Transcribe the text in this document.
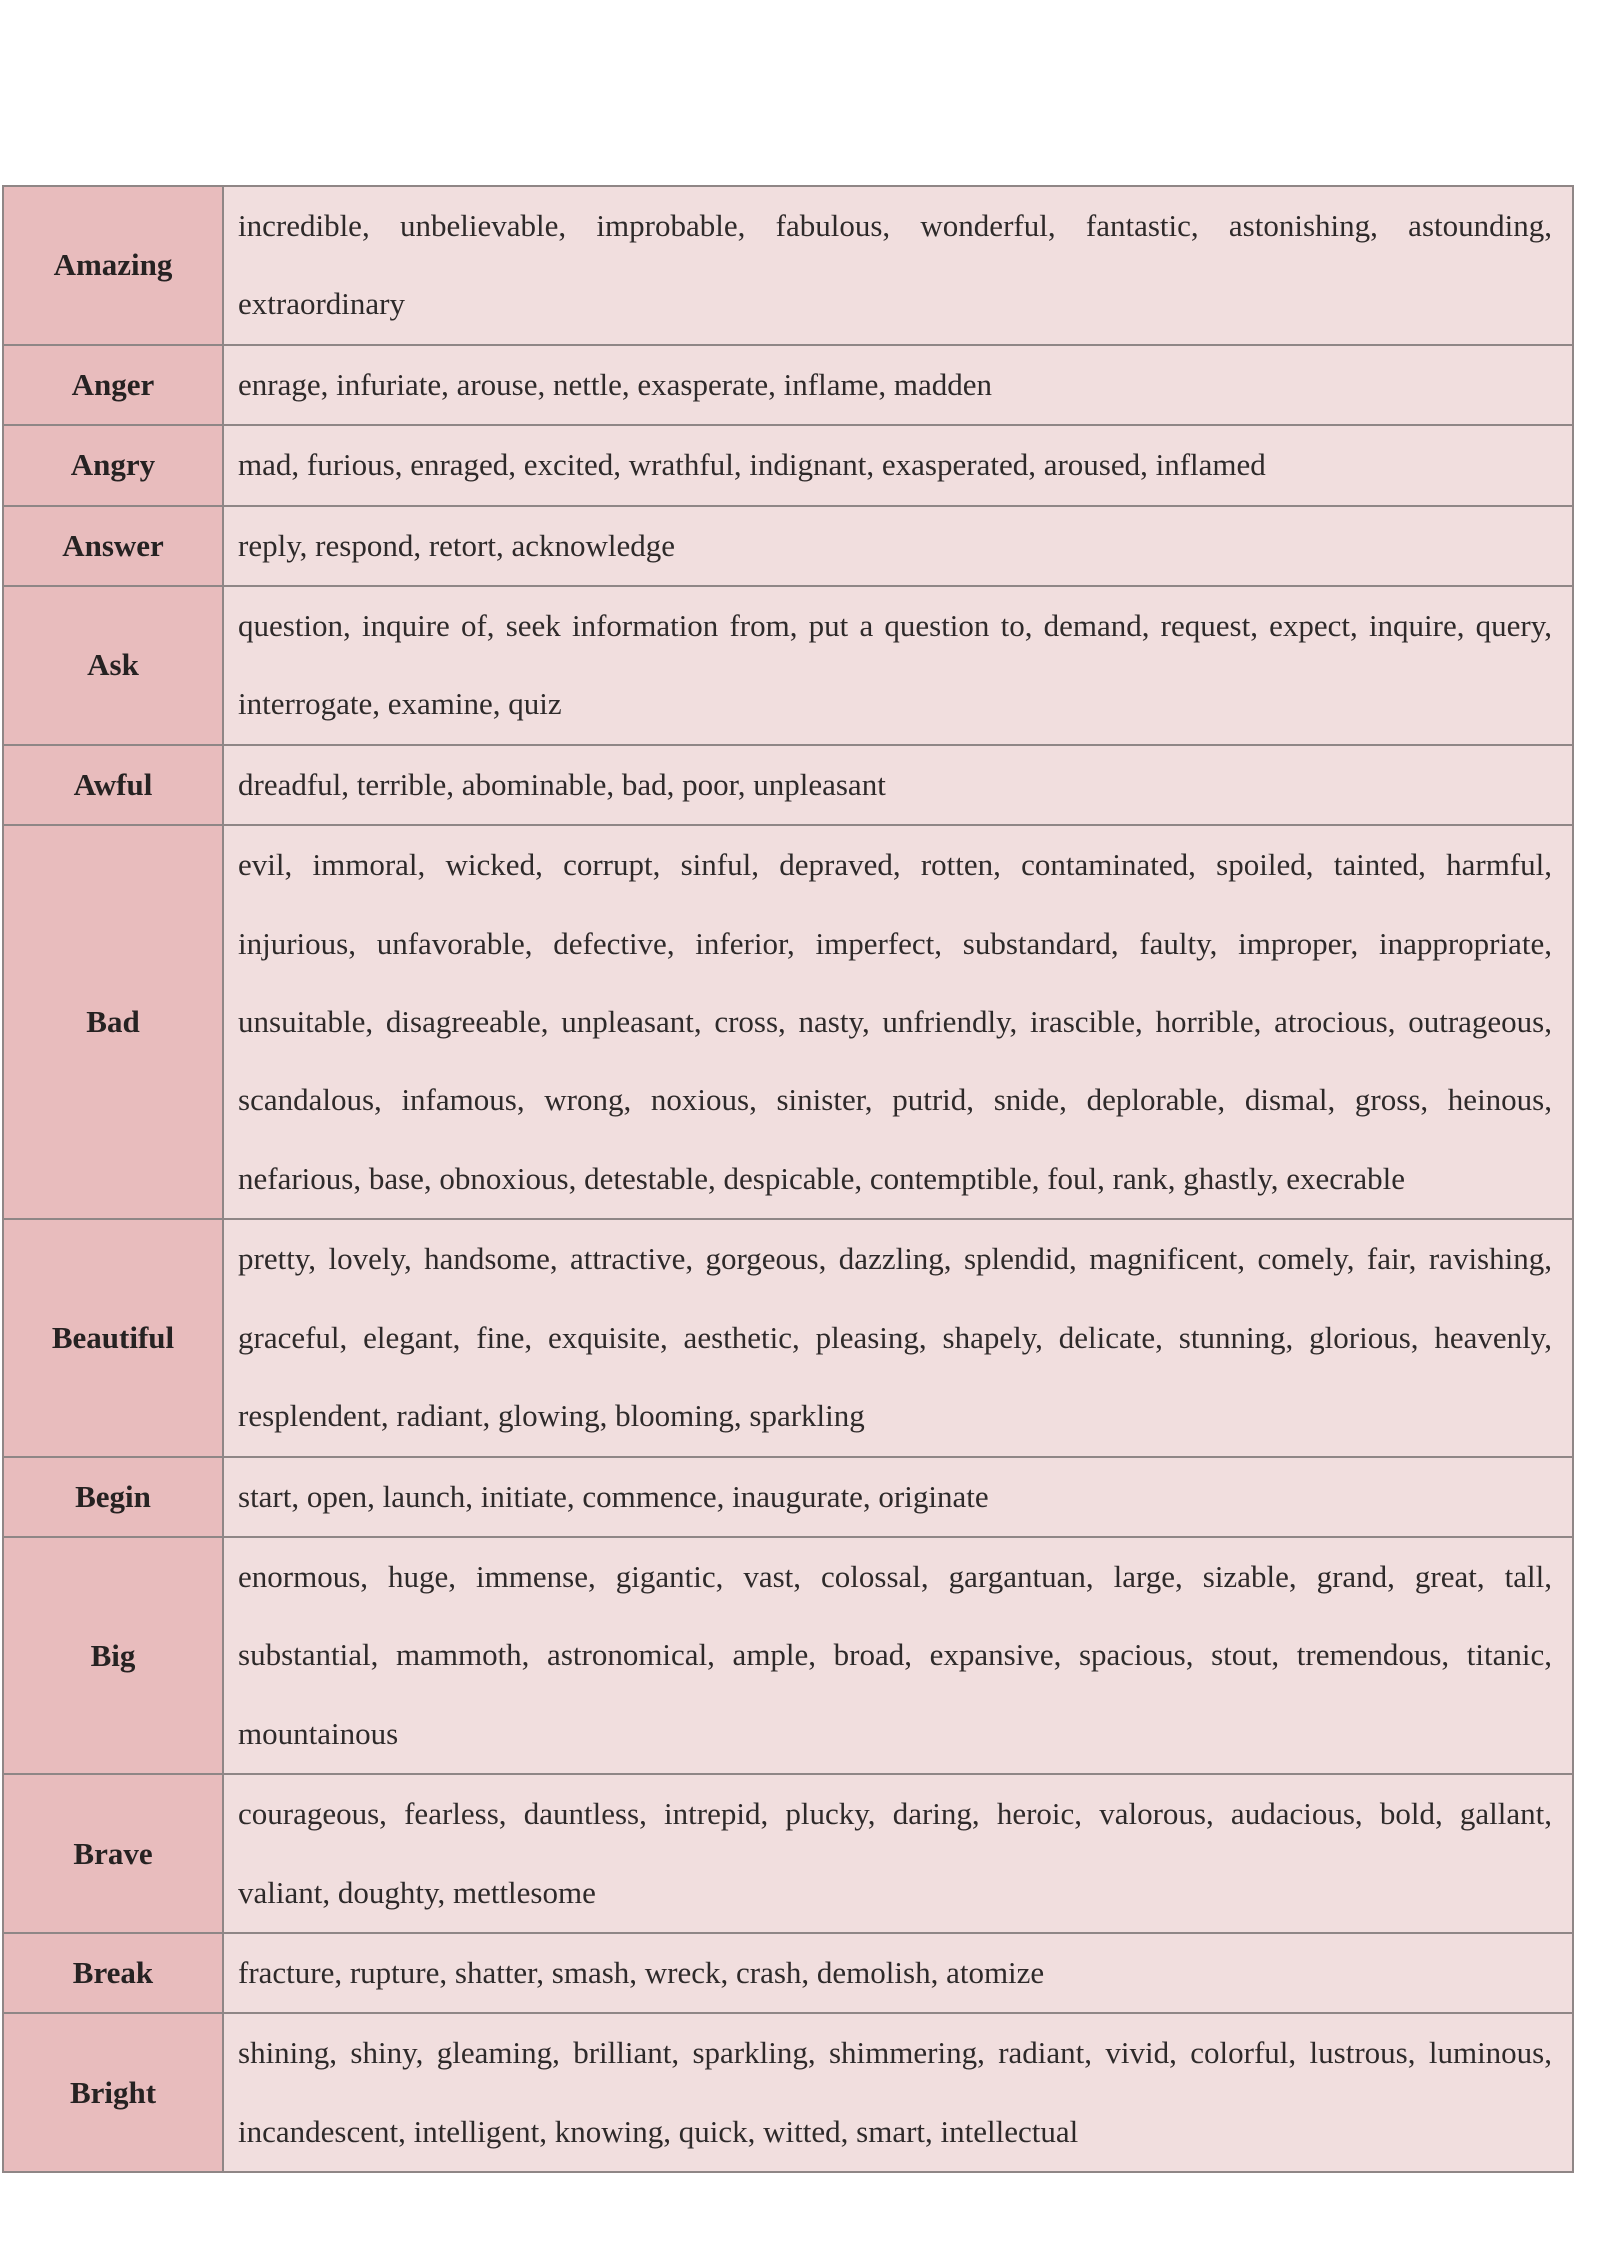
Amazing	incredible, unbelievable, improbable, fabulous, wonderful, fantastic, astonishing, astounding, extraordinary
Anger	enrage, infuriate, arouse, nettle, exasperate, inflame, madden
Angry	mad, furious, enraged, excited, wrathful, indignant, exasperated, aroused, inflamed
Answer	reply, respond, retort, acknowledge
Ask	question, inquire of, seek information from, put a question to, demand, request, expect, inquire, query, interrogate, examine, quiz
Awful	dreadful, terrible, abominable, bad, poor, unpleasant
Bad	evil, immoral, wicked, corrupt, sinful, depraved, rotten, contaminated, spoiled, tainted, harmful, injurious, unfavorable, defective, inferior, imperfect, substandard, faulty, improper, inappropriate, unsuitable, disagreeable, unpleasant, cross, nasty, unfriendly, irascible, horrible, atrocious, outrageous, scandalous, infamous, wrong, noxious, sinister, putrid, snide, deplorable, dismal, gross, heinous, nefarious, base, obnoxious, detestable, despicable, contemptible, foul, rank, ghastly, execrable
Beautiful	pretty, lovely, handsome, attractive, gorgeous, dazzling, splendid, magnificent, comely, fair, ravishing, graceful, elegant, fine, exquisite, aesthetic, pleasing, shapely, delicate, stunning, glorious, heavenly, resplendent, radiant, glowing, blooming, sparkling
Begin	start, open, launch, initiate, commence, inaugurate, originate
Big	enormous, huge, immense, gigantic, vast, colossal, gargantuan, large, sizable, grand, great, tall, substantial, mammoth, astronomical, ample, broad, expansive, spacious, stout, tremendous, titanic, mountainous
Brave	courageous, fearless, dauntless, intrepid, plucky, daring, heroic, valorous, audacious, bold, gallant, valiant, doughty, mettlesome
Break	fracture, rupture, shatter, smash, wreck, crash, demolish, atomize
Bright	shining, shiny, gleaming, brilliant, sparkling, shimmering, radiant, vivid, colorful, lustrous, luminous, incandescent, intelligent, knowing, quick, witted, smart, intellectual
